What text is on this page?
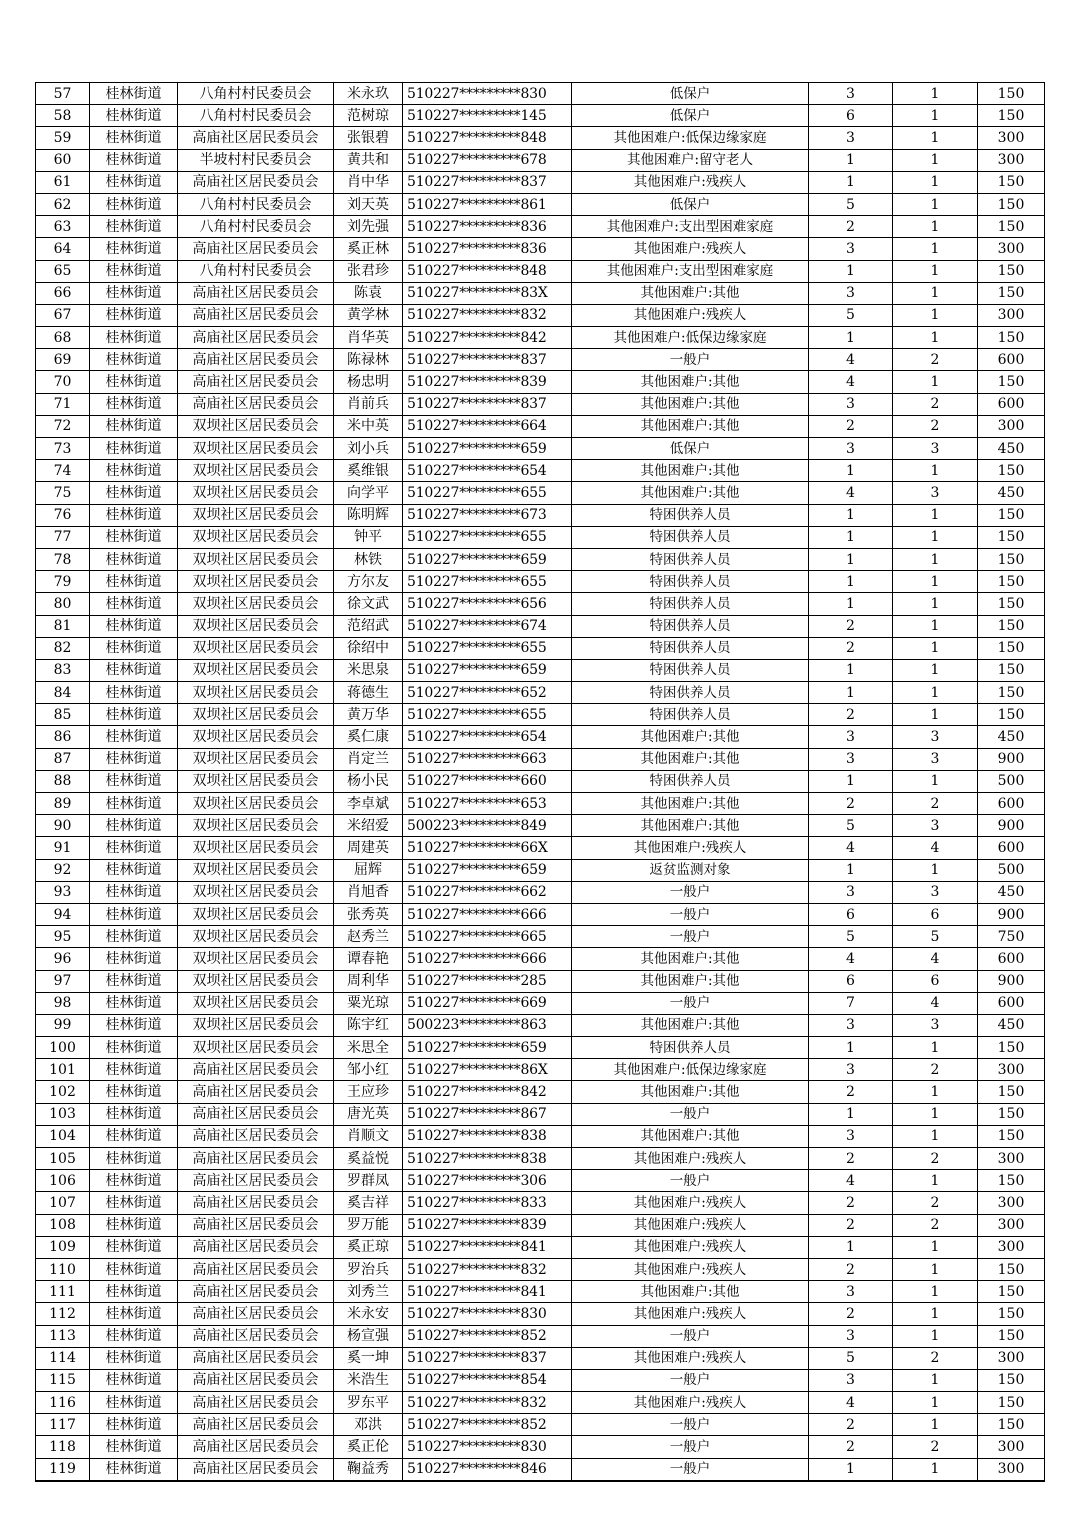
57	桂林街道	八角村村民委员会	米永玖	510227*********830	低保户	3	1	150
58	桂林街道	八角村村民委员会	范树琼	510227*********145	低保户	6	1	150
59	桂林街道	高庙社区居民委员会	张银碧	510227*********848	其他困难户:低保边缘家庭	3	1	300
60	桂林街道	半坡村村民委员会	黄共和	510227*********678	其他困难户:留守老人	1	1	300
61	桂林街道	高庙社区居民委员会	肖中华	510227*********837	其他困难户:残疾人	1	1	150
62	桂林街道	八角村村民委员会	刘天英	510227*********861	低保户	5	1	150
63	桂林街道	八角村村民委员会	刘先强	510227*********836	其他困难户:支出型困难家庭	2	1	150
64	桂林街道	高庙社区居民委员会	奚正林	510227*********836	其他困难户:残疾人	3	1	300
65	桂林街道	八角村村民委员会	张君珍	510227*********848	其他困难户:支出型困难家庭	1	1	150
66	桂林街道	高庙社区居民委员会	陈袁	510227*********83X	其他困难户:其他	3	1	150
67	桂林街道	高庙社区居民委员会	黄学林	510227*********832	其他困难户:残疾人	5	1	300
68	桂林街道	高庙社区居民委员会	肖华英	510227*********842	其他困难户:低保边缘家庭	1	1	150
69	桂林街道	高庙社区居民委员会	陈禄林	510227*********837	一般户	4	2	600
70	桂林街道	高庙社区居民委员会	杨忠明	510227*********839	其他困难户:其他	4	1	150
71	桂林街道	高庙社区居民委员会	肖前兵	510227*********837	其他困难户:其他	3	2	600
72	桂林街道	双坝社区居民委员会	米中英	510227*********664	其他困难户:其他	2	2	300
73	桂林街道	双坝社区居民委员会	刘小兵	510227*********659	低保户	3	3	450
74	桂林街道	双坝社区居民委员会	奚维银	510227*********654	其他困难户:其他	1	1	150
75	桂林街道	双坝社区居民委员会	向学平	510227*********655	其他困难户:其他	4	3	450
76	桂林街道	双坝社区居民委员会	陈明辉	510227*********673	特困供养人员	1	1	150
77	桂林街道	双坝社区居民委员会	钟平	510227*********655	特困供养人员	1	1	150
78	桂林街道	双坝社区居民委员会	林铁	510227*********659	特困供养人员	1	1	150
79	桂林街道	双坝社区居民委员会	方尔友	510227*********655	特困供养人员	1	1	150
80	桂林街道	双坝社区居民委员会	徐文武	510227*********656	特困供养人员	1	1	150
81	桂林街道	双坝社区居民委员会	范绍武	510227*********674	特困供养人员	2	1	150
82	桂林街道	双坝社区居民委员会	徐绍中	510227*********655	特困供养人员	2	1	150
83	桂林街道	双坝社区居民委员会	米思泉	510227*********659	特困供养人员	1	1	150
84	桂林街道	双坝社区居民委员会	蒋德生	510227*********652	特困供养人员	1	1	150
85	桂林街道	双坝社区居民委员会	黄万华	510227*********655	特困供养人员	2	1	150
86	桂林街道	双坝社区居民委员会	奚仁康	510227*********654	其他困难户:其他	3	3	450
87	桂林街道	双坝社区居民委员会	肖定兰	510227*********663	其他困难户:其他	3	3	900
88	桂林街道	双坝社区居民委员会	杨小民	510227*********660	特困供养人员	1	1	500
89	桂林街道	双坝社区居民委员会	李卓斌	510227*********653	其他困难户:其他	2	2	600
90	桂林街道	双坝社区居民委员会	米绍爱	500223*********849	其他困难户:其他	5	3	900
91	桂林街道	双坝社区居民委员会	周建英	510227*********66X	其他困难户:残疾人	4	4	600
92	桂林街道	双坝社区居民委员会	屈辉	510227*********659	返贫监测对象	1	1	500
93	桂林街道	双坝社区居民委员会	肖旭香	510227*********662	一般户	3	3	450
94	桂林街道	双坝社区居民委员会	张秀英	510227*********666	一般户	6	6	900
95	桂林街道	双坝社区居民委员会	赵秀兰	510227*********665	一般户	5	5	750
96	桂林街道	双坝社区居民委员会	谭春艳	510227*********666	其他困难户:其他	4	4	600
97	桂林街道	双坝社区居民委员会	周利华	510227*********285	其他困难户:其他	6	6	900
98	桂林街道	双坝社区居民委员会	粟光琼	510227*********669	一般户	7	4	600
99	桂林街道	双坝社区居民委员会	陈宇红	500223*********863	其他困难户:其他	3	3	450
100	桂林街道	双坝社区居民委员会	米思全	510227*********659	特困供养人员	1	1	150
101	桂林街道	高庙社区居民委员会	邹小红	510227*********86X	其他困难户:低保边缘家庭	3	2	300
102	桂林街道	高庙社区居民委员会	王应珍	510227*********842	其他困难户:其他	2	1	150
103	桂林街道	高庙社区居民委员会	唐光英	510227*********867	一般户	1	1	150
104	桂林街道	高庙社区居民委员会	肖顺文	510227*********838	其他困难户:其他	3	1	150
105	桂林街道	高庙社区居民委员会	奚益悦	510227*********838	其他困难户:残疾人	2	2	300
106	桂林街道	高庙社区居民委员会	罗群凤	510227*********306	一般户	4	1	150
107	桂林街道	高庙社区居民委员会	奚吉祥	510227*********833	其他困难户:残疾人	2	2	300
108	桂林街道	高庙社区居民委员会	罗万能	510227*********839	其他困难户:残疾人	2	2	300
109	桂林街道	高庙社区居民委员会	奚正琼	510227*********841	其他困难户:残疾人	1	1	300
110	桂林街道	高庙社区居民委员会	罗治兵	510227*********832	其他困难户:残疾人	2	1	150
111	桂林街道	高庙社区居民委员会	刘秀兰	510227*********841	其他困难户:其他	3	1	150
112	桂林街道	高庙社区居民委员会	米永安	510227*********830	其他困难户:残疾人	2	1	150
113	桂林街道	高庙社区居民委员会	杨宣强	510227*********852	一般户	3	1	150
114	桂林街道	高庙社区居民委员会	奚一坤	510227*********837	其他困难户:残疾人	5	2	300
115	桂林街道	高庙社区居民委员会	米浩生	510227*********854	一般户	3	1	150
116	桂林街道	高庙社区居民委员会	罗东平	510227*********832	其他困难户:残疾人	4	1	150
117	桂林街道	高庙社区居民委员会	邓洪	510227*********852	一般户	2	1	150
118	桂林街道	高庙社区居民委员会	奚正伦	510227*********830	一般户	2	2	300
119	桂林街道	高庙社区居民委员会	鞠益秀	510227*********846	一般户	1	1	300
